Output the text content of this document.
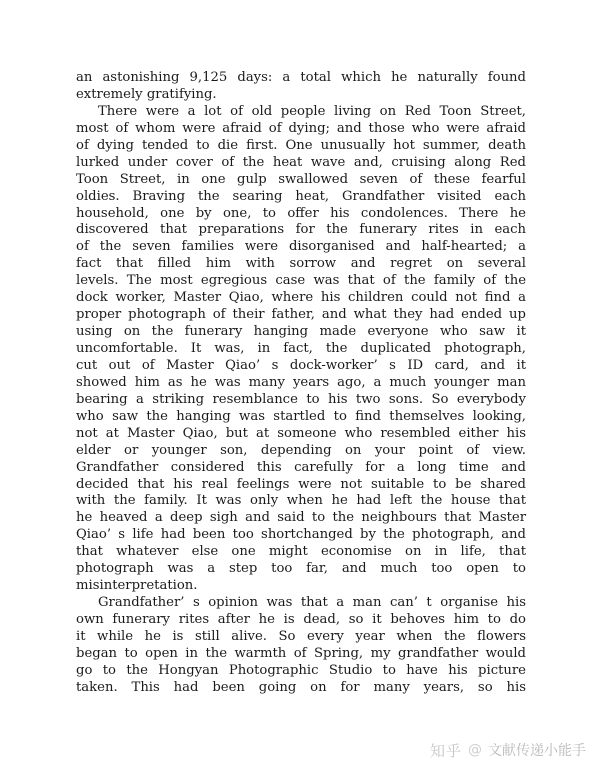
an astonishing 9,125 days: a total which he naturally found
extremely gratifying.
There were a lot of old people living on Red Toon Street,
most of whom were afraid of dying; and those who were afraid
of dying tended to die first. One unusually hot summer, death
lurked under cover of the heat wave and, cruising along Red
Toon Street, in one gulp swallowed seven of these fearful
oldies. Braving the searing heat, Grandfather visited each
household, one by one, to offer his condolences. There he
discovered that preparations for the funerary rites in each
of the seven families were disorganised and half-hearted; a
fact that filled him with sorrow and regret on several
levels. The most egregious case was that of the family of the
dock worker, Master Qiao, where his children could not find a
proper photograph of their father, and what they had ended up
using on the funerary hanging made everyone who saw it
uncomfortable. It was, in fact, the duplicated photograph,
cut out of Master Qiao’ s dock-worker’ s ID card, and it
showed him as he was many years ago, a much younger man
bearing a striking resemblance to his two sons. So everybody
who saw the hanging was startled to find themselves looking,
not at Master Qiao, but at someone who resembled either his
elder or younger son, depending on your point of view.
Grandfather considered this carefully for a long time and
decided that his real feelings were not suitable to be shared
with the family. It was only when he had left the house that
he heaved a deep sigh and said to the neighbours that Master
Qiao’ s life had been too shortchanged by the photograph, and
that whatever else one might economise on in life, that
photograph was a step too far, and much too open to
misinterpretation.
Grandfather’ s opinion was that a man can’ t organise his
own funerary rites after he is dead, so it behoves him to do
it while he is still alive. So every year when the flowers
began to open in the warmth of Spring, my grandfather would
go to the Hongyan Photographic Studio to have his picture
taken. This had been going on for many years, so his
知乎 @ 文献传递小能手
